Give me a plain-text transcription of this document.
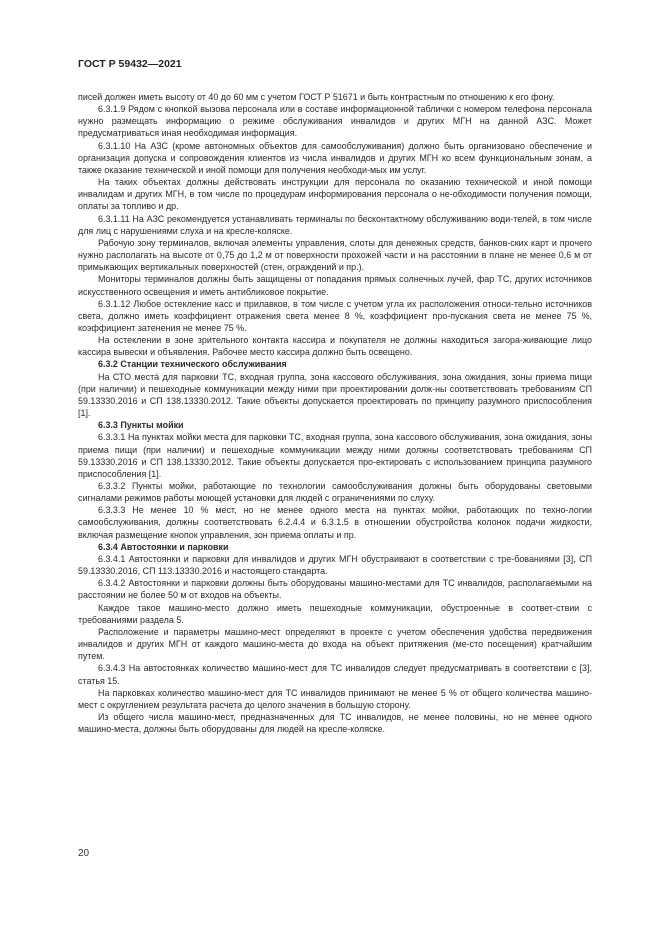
ГОСТ Р 59432—2021

писей должен иметь высоту от 40 до 60 мм с учетом ГОСТ Р 51671 и быть контрастным по отношению к его фону.

6.3.1.9 Рядом с кнопкой вызова персонала или в составе информационной таблички с номером телефона персонала нужно размещать информацию о режиме обслуживания инвалидов и других МГН на данной АЗС. Может предусматриваться иная необходимая информация.

6.3.1.10 На АЗС (кроме автономных объектов для самообслуживания) должно быть организовано обеспечение и организация допуска и сопровождения клиентов из числа инвалидов и других МГН ко всем функциональным зонам, а также оказание технической и иной помощи для получения необходи-мых им услуг.

На таких объектах должны действовать инструкции для персонала по оказанию технической и иной помощи инвалидам и других МГН, в том числе по процедурам информирования персонала о не-обходимости получения помощи, оплаты за топливо и др.

6.3.1.11 На АЗС рекомендуется устанавливать терминалы по бесконтактному обслуживанию води-телей, в том числе для лиц с нарушениями слуха и на кресле-коляске.

Рабочую зону терминалов, включая элементы управления, слоты для денежных средств, банков-ских карт и прочего нужно располагать на высоте от 0,75 до 1,2 м от поверхности прохожей части и на расстоянии в плане не менее 0,6 м от примыкающих вертикальных поверхностей (стен, ограждений и пр.).

Мониторы терминалов должны быть защищены от попадания прямых солнечных лучей, фар ТС, других источников искусственного освещения и иметь антибликовое покрытие.

6.3.1.12 Любое остекление касс и прилавков, в том числе с учетом угла их расположения относи-тельно источников света, должно иметь коэффициент отражения света менее 8 %, коэффициент про-пускания света не менее 75 %, коэффициент затенения не менее 75 %.

На остеклении в зоне зрительного контакта кассира и покупателя не должны находиться загора-живающие лицо кассира вывески и объявления. Рабочее место кассира должно быть освещено.

6.3.2 Станции технического обслуживания

На СТО места́ для парковки ТС, входная группа, зона кассового обслуживания, зона ожидания, зоны приема пищи (при наличии) и пешеходные коммуникации между ними при проектировании долж-ны соответствовать требованиям СП 59.13330.2016 и СП 138.13330.2012. Такие объекты допускается проектировать по принципу разумного приспособления [1].

6.3.3 Пункты мойки

6.3.3.1 На пунктах мойки места для парковки ТС, входная группа, зона кассового обслуживания, зона ожидания, зоны приема пищи (при наличии) и пешеходные коммуникации между ними должны соответствовать требованиям СП 59.13330.2016 и СП 138.13330.2012. Такие объекты допускается про-ектировать с использованием принципа разумного приспособления [1].

6.3.3.2 Пункты мойки, работающие по технологии самообслуживания должны быть оборудованы световыми сигналами режимов работы моющей установки для людей с ограничениями по слуху.

6.3.3.3 Не менее 10 % мест, но не менее одного места на пунктах мойки, работающих по техно-логии самообслуживания, должны соответствовать 6.2.4.4 и 6.3.1.5 в отношении обустройства колонок подачи жидкости, включая размещение кнопок управления, зон приема оплаты и пр.

6.3.4 Автостоянки и парковки

6.3.4.1 Автостоянки и парковки для инвалидов и других МГН обустраивают в соответствии с тре-бованиями [3], СП 59.13330.2016, СП 113.13330.2016 и настоящего стандарта.

6.3.4.2 Автостоянки и парковки должны быть оборудованы машино-местами для ТС инвалидов, располагаемыми на расстоянии не более 50 м от входов на объекты.

Каждое такое машино-место должно иметь пешеходные коммуникации, обустроенные в соответ-ствии с требованиями раздела 5.

Расположение и параметры машино-мест определяют в проекте с учетом обеспечения удобства передвижения инвалидов и других МГН от каждого машино-места до входа на объект притяжения (ме-сто посещения) кратчайшим путем.

6.3.4.3 На автостоянках количество машино-мест для ТС инвалидов следует предусматривать в соответствии с [3], статья 15.

На парковках количество машино-мест для ТС инвалидов принимают не менее 5 % от общего количества машино-мест с округлением результата расчета до целого значения в большую сторону.

Из общего числа машино-мест, предназначенных для ТС инвалидов, не менее половины, но не менее одного машино-места, должны быть оборудованы для людей на кресле-коляске.

20
